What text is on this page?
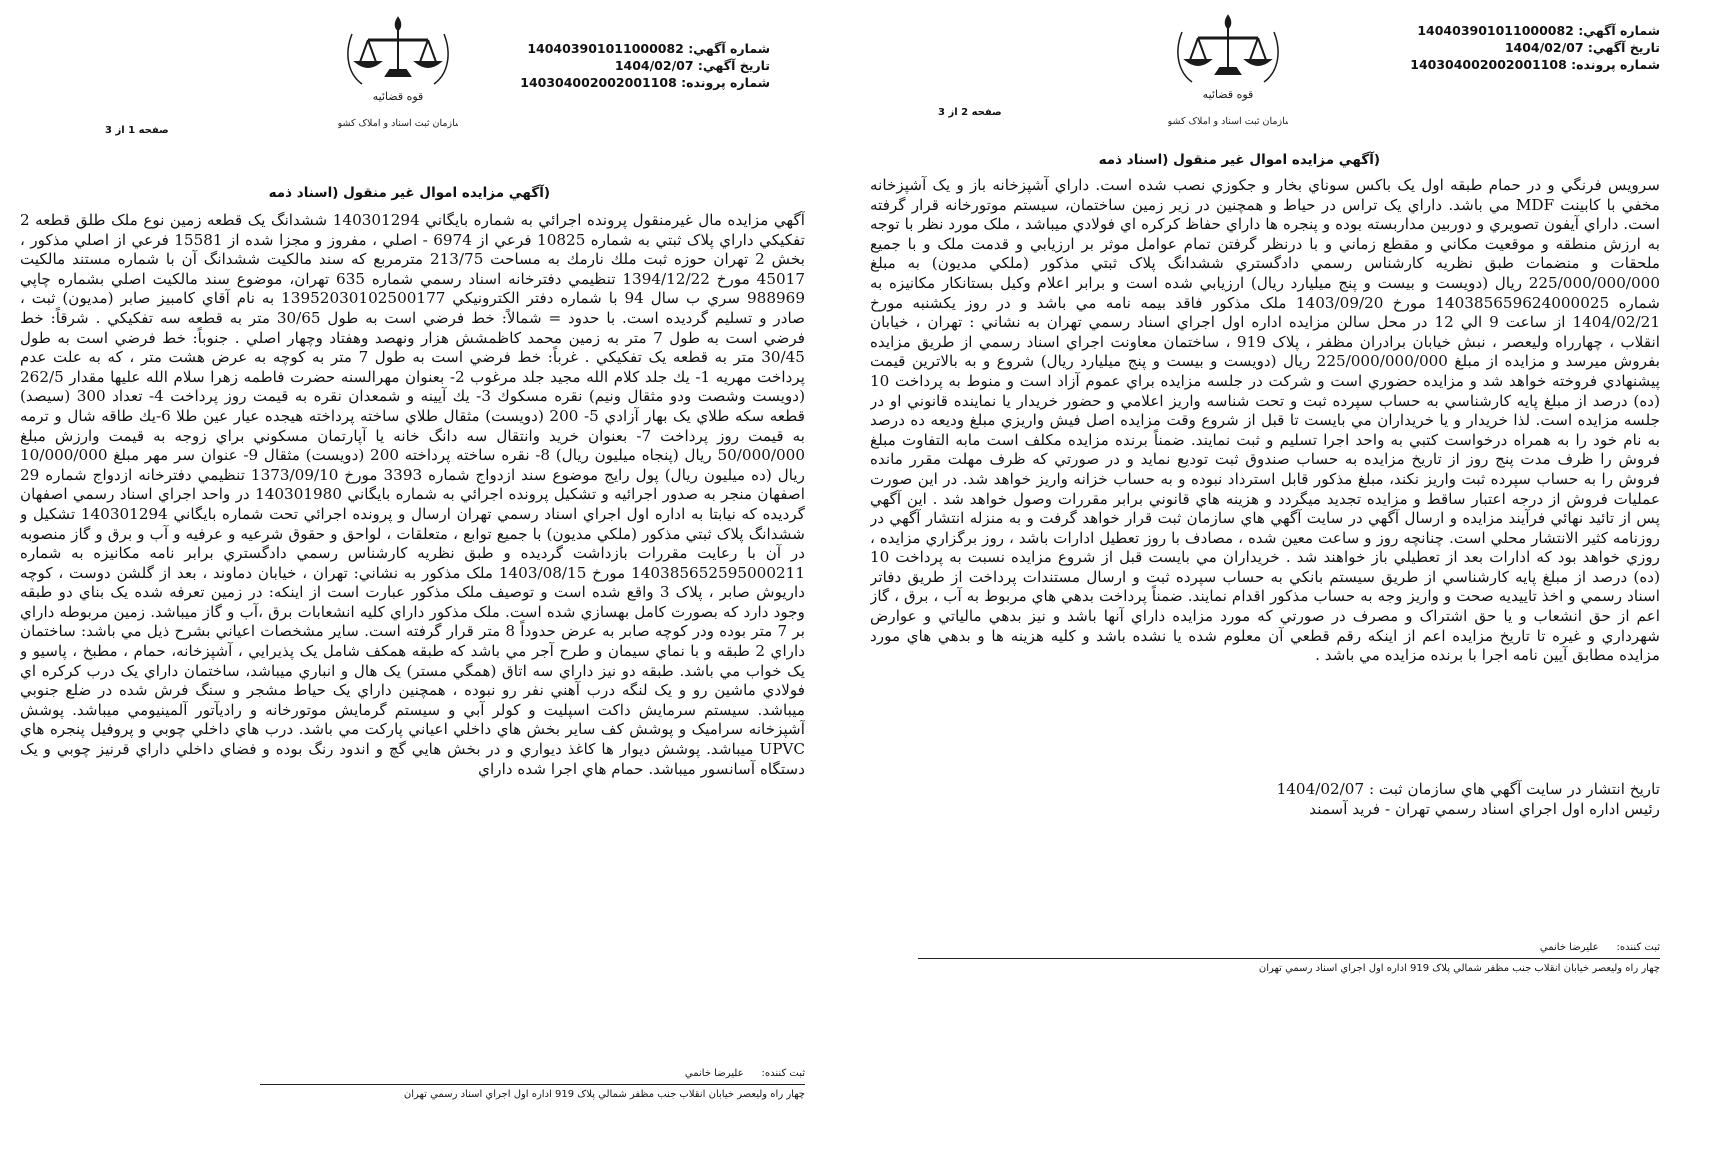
شماره آگهي: 140403901011000082
تاريخ آگهي: 1404/02/07
شماره پرونده: 140304002002001108
صفحه 2 از 3
قوه قضائیه
سازمان ثبت اسناد و املاک کشور
(آگهي مزايده اموال غير منقول (اسناد ذمه

سرويس فرنگي و در حمام طبقه اول يک باکس سوناي بخار و جکوزي نصب شده است. داراي آشپزخانه باز و يک آشپزخانه مخفي با کابينت MDF مي باشد. داراي يک تراس در حياط و همچنين در زير زمين ساختمان، سيستم موتورخانه قرار گرفته است. داراي آيفون تصويري و دوربين مداربسته بوده و پنجره ها داراي حفاظ کرکره اي فولادي ميباشد ، ملک مورد نظر با توجه به ارزش منطقه و موقعيت مکاني و مقطع زماني و با درنظر گرفتن تمام عوامل موثر بر ارزيابي و قدمت ملک و با جميع ملحقات و منضمات طبق نظريه کارشناس رسمي دادگستري ششدانگ پلاک ثبتي مذکور (ملکي مديون) به مبلغ 225/000/000/000 ريال (دويست و بيست و پنج ميليارد ريال) ارزيابي شده است و برابر اعلام وکيل بستانکار مکانيزه به شماره 140385659624000025 مورخ 1403/09/20 ملک مذکور فاقد بيمه نامه مي باشد و در روز يکشنبه مورخ 1404/02/21 از ساعت 9 الي 12 در محل سالن مزايده اداره اول اجراي اسناد رسمي تهران به نشاني : تهران ، خيابان انقلاب ، چهارراه وليعصر ، نبش خيابان برادران مظفر ، پلاک 919 ، ساختمان معاونت اجراي اسناد رسمي از طريق مزايده بفروش ميرسد و مزايده از مبلغ 225/000/000/000 ريال (دويست و بيست و پنج ميليارد ريال) شروع و به بالاترين قيمت پيشنهادي فروخته خواهد شد و مزايده حضوري است و شرکت در جلسه مزايده براي عموم آزاد است و منوط به پرداخت 10 (ده) درصد از مبلغ پايه کارشناسي به حساب سپرده ثبت و تحت شناسه واريز اعلامي و حضور خريدار يا نماينده قانوني او در جلسه مزايده است. لذا خريدار و يا خريداران مي بايست تا قبل از شروع وقت مزايده اصل فيش واريزي مبلغ وديعه ده درصد به نام خود را به همراه درخواست کتبي به واحد اجرا تسليم و ثبت نمايند. ضمناً برنده مزايده مکلف است مابه التفاوت مبلغ فروش را ظرف مدت پنج روز از تاريخ مزايده به حساب صندوق ثبت توديع نمايد و در صورتي که ظرف مهلت مقرر مانده فروش را به حساب سپرده ثبت واريز نکند، مبلغ مذکور قابل استرداد نبوده و به حساب خزانه واريز خواهد شد. در اين صورت عمليات فروش از درجه اعتبار ساقط و مزايده تجديد ميگردد و هزينه هاي قانوني برابر مقررات وصول خواهد شد . اين آگهي پس از تائيد نهائي فرآيند مزايده و ارسال آگهي در سايت آگهي هاي سازمان ثبت قرار خواهد گرفت و به منزله انتشار آگهي در روزنامه کثير الانتشار محلي است. چنانچه روز و ساعت معين شده ، مصادف با روز تعطيل ادارات باشد ، روز برگزاري مزايده ، روزي خواهد بود که ادارات بعد از تعطيلي باز خواهند شد . خريداران مي بايست قبل از شروع مزايده نسبت به پرداخت 10 (ده) درصد از مبلغ پايه کارشناسي از طريق سيستم بانکي به حساب سپرده ثبت و ارسال مستندات پرداخت از طريق دفاتر اسناد رسمي و اخذ تاييديه صحت و واريز وجه به حساب مذکور اقدام نمايند. ضمناً پرداخت بدهي هاي مربوط به آب ، برق ، گاز اعم از حق انشعاب و يا حق اشتراک و مصرف در صورتي که مورد مزايده داراي آنها باشد و نيز بدهي مالياتي و عوارض شهرداري و غيره تا تاريخ مزايده اعم از اينکه رقم قطعي آن معلوم شده يا نشده باشد و کليه هزينه ها و بدهي هاي مورد مزايده مطابق آيين نامه اجرا با برنده مزايده مي باشد .

تاريخ انتشار در سايت آگهي هاي سازمان ثبت : 1404/02/07
رئيس اداره اول اجراي اسناد رسمي تهران - فريد آسمند
ثبت کننده:
عليرضا خانمي
چهار راه وليعصر خيابان انقلاب جنب مظفر شمالي پلاک 919 اداره اول اجراي اسناد رسمي تهران
شماره آگهي: 140403901011000082
تاريخ آگهي: 1404/02/07
شماره پرونده: 140304002002001108
صفحه 1 از 3
قوه قضائیه
سازمان ثبت اسناد و املاک کشور
(آگهي مزايده اموال غير منقول (اسناد ذمه

آگهي مزايده مال غيرمنقول پرونده اجرائي به شماره بايگاني 140301294 ششدانگ يک قطعه زمين نوع ملک طلق قطعه 2 تفکيکي داراي پلاک ثبتي به شماره 10825 فرعي از 6974 - اصلي ، مفروز و مجزا شده از 15581 فرعي از اصلي مذکور ، بخش 2 تهران حوزه ثبت ملك نارمك به مساحت 213/75 مترمربع که سند مالکيت ششدانگ آن با شماره مستند مالکيت 45017 مورخ 1394/12/22 تنظيمي دفترخانه اسناد رسمي شماره 635 تهران، موضوع سند مالکيت اصلي بشماره چاپي 988969 سري ب سال 94 با شماره دفتر الکترونيکي 13952030102500177 به نام آقاي کامبيز صابر (مديون) ثبت ، صادر و تسليم گرديده است. با حدود = شمالاً: خط فرضي است به طول 30/65 متر به قطعه سه تفکيکي . شرقاً: خط فرضي است به طول 7 متر به زمين محمد کاظمشش هزار ونهصد وهفتاد وچهار اصلي . جنوباً: خط فرضي است به طول 30/45 متر به قطعه يک تفکيکي . غرباً: خط فرضي است به طول 7 متر به کوچه به عرض هشت متر ، که به علت عدم پرداخت مهريه 1- يك جلد كلام الله مجيد جلد مرغوب 2- بعنوان مهرالسنه حضرت فاطمه زهرا سلام الله عليها مقدار 262/5 (دويست وشصت ودو مثقال ونيم) نقره مسكوك 3- يك آيينه و شمعدان نقره به قيمت روز پرداخت 4- تعداد 300 (سيصد) قطعه سكه طلاي يک بهار آزادي 5- 200 (دويست) مثقال طلاي ساخته پرداخته هيجده عيار عين طلا 6-يك طاقه شال و ترمه به قيمت روز پرداخت 7- بعنوان خريد وانتقال سه دانگ خانه يا آپارتمان مسكوني براي زوجه به قيمت وارزش مبلغ 50/000/000 ريال (پنجاه ميليون ريال) 8- نقره ساخته پرداخته 200 (دويست) مثقال 9- عنوان سر مهر مبلغ 10/000/000 ريال (ده ميليون ريال) پول رايج موضوع سند ازدواج شماره 3393 مورخ 1373/09/10 تنظيمي دفترخانه ازدواج شماره 29 اصفهان منجر به صدور اجرائيه و تشکيل پرونده اجرائي به شماره بايگاني 140301980 در واحد اجراي اسناد رسمي اصفهان گرديده که نيابتا به اداره اول اجراي اسناد رسمي تهران ارسال و پرونده اجرائي تحت شماره بايگاني 140301294 تشکيل و ششدانگ پلاک ثبتي مذکور (ملکي مديون) با جميع توابع ، متعلقات ، لواحق و حقوق شرعيه و عرفيه و آب و برق و گاز منصوبه در آن با رعايت مقررات بازداشت گرديده و طبق نظريه کارشناس رسمي دادگستري برابر نامه مکانيزه به شماره 140385652595000211 مورخ 1403/08/15 ملک مذکور به نشاني: تهران ، خيابان دماوند ، بعد از گلشن دوست ، کوچه داريوش صابر ، پلاک 3 واقع شده است و توصيف ملک مذکور عبارت است از اينکه: در زمين تعرفه شده يک بناي دو طبقه وجود دارد که بصورت کامل بهسازي شده است. ملک مذکور داراي کليه انشعابات برق ،آب و گاز ميباشد. زمين مربوطه داراي بر 7 متر بوده ودر کوچه صابر به عرض حدوداً 8 متر قرار گرفته است. ساير مشخصات اعياني بشرح ذيل مي باشد: ساختمان داراي 2 طبقه و با نماي سيمان و طرح آجر مي باشد که طبقه همکف شامل يک پذيرايي ، آشپزخانه، حمام ، مطبخ ، پاسيو و يک خواب مي باشد. طبقه دو نيز داراي سه اتاق (همگي مستر) يک هال و انباري ميباشد، ساختمان داراي يک درب کرکره اي فولادي ماشين رو و يک لنگه درب آهني نفر رو نبوده ، همچنين داراي يک حياط مشجر و سنگ فرش شده در ضلع جنوبي ميباشد. سيستم سرمايش داکت اسپليت و کولر آبي و سيستم گرمايش موتورخانه و راديآتور آلمينيومي ميباشد. پوشش آشپزخانه سراميک و پوشش کف ساير بخش هاي داخلي اعياني پارکت مي باشد. درب هاي داخلي چوبي و پروفيل پنجره هاي UPVC ميباشد. پوشش ديوار ها کاغذ ديواري و در بخش هايي گچ و اندود رنگ بوده و فضاي داخلي داراي قرنيز چوبي و يک دستگاه آسانسور ميباشد. حمام هاي اجرا شده داراي

ثبت کننده:
عليرضا خانمي
چهار راه وليعصر خيابان انقلاب جنب مظفر شمالي پلاک 919 اداره اول اجراي اسناد رسمي تهران
